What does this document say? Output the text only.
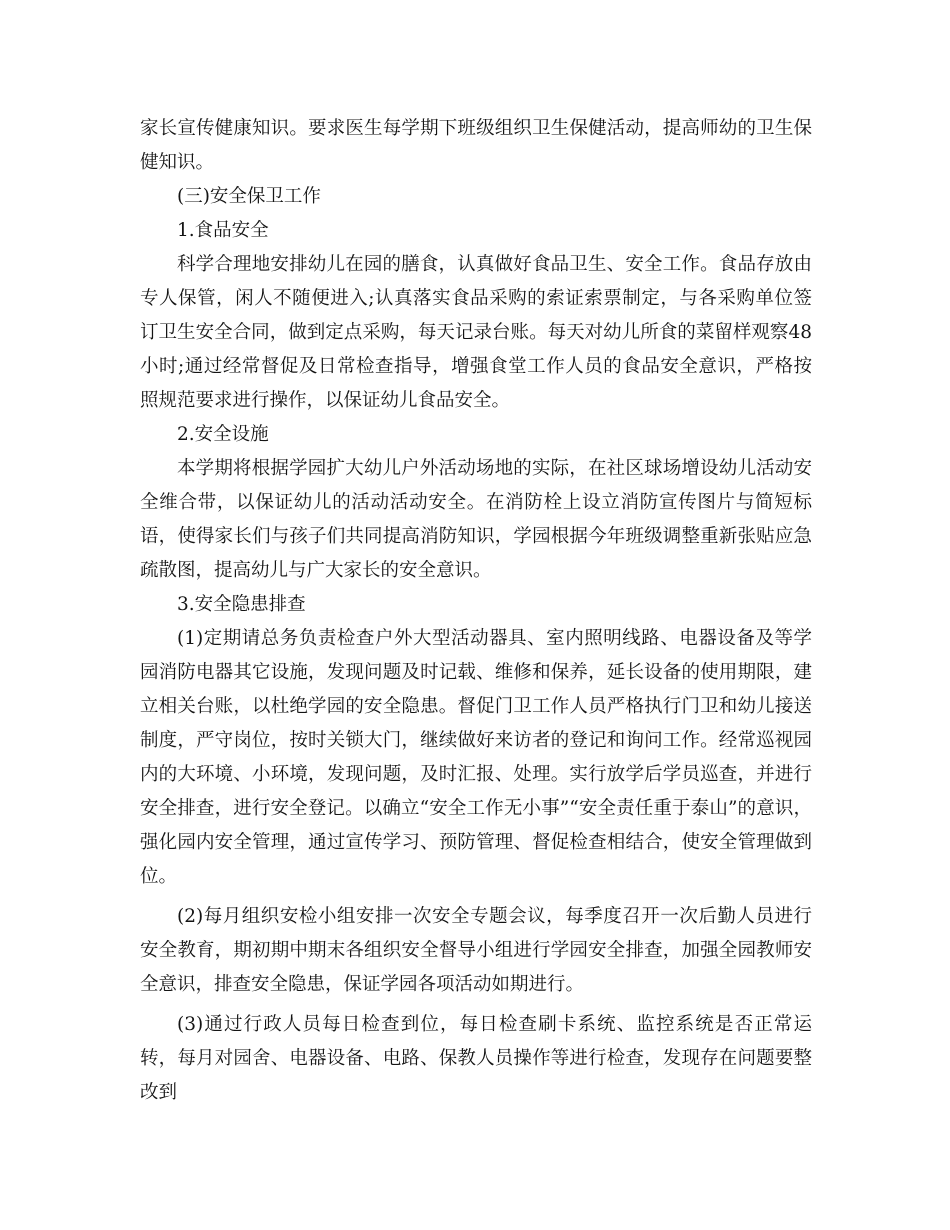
家长宣传健康知识。要求医生每学期下班级组织卫生保健活动，提高师幼的卫生保健知识。
(三)安全保卫工作
1.食品安全
科学合理地安排幼儿在园的膳食，认真做好食品卫生、安全工作。食品存放由专人保管，闲人不随便进入;认真落实食品采购的索证索票制定，与各采购单位签订卫生安全合同，做到定点采购，每天记录台账。每天对幼儿所食的菜留样观察48小时;通过经常督促及日常检查指导，增强食堂工作人员的食品安全意识，严格按照规范要求进行操作，以保证幼儿食品安全。
2.安全设施
本学期将根据学园扩大幼儿户外活动场地的实际，在社区球场增设幼儿活动安全维合带，以保证幼儿的活动活动安全。在消防栓上设立消防宣传图片与简短标语，使得家长们与孩子们共同提高消防知识，学园根据今年班级调整重新张贴应急疏散图，提高幼儿与广大家长的安全意识。
3.安全隐患排查
(1)定期请总务负责检查户外大型活动器具、室内照明线路、电器设备及等学园消防电器其它设施，发现问题及时记载、维修和保养，延长设备的使用期限，建立相关台账，以杜绝学园的安全隐患。督促门卫工作人员严格执行门卫和幼儿接送制度，严守岗位，按时关锁大门，继续做好来访者的登记和询问工作。经常巡视园内的大环境、小环境，发现问题，及时汇报、处理。实行放学后学员巡查，并进行安全排查，进行安全登记。以确立“安全工作无小事”“安全责任重于泰山”的意识，强化园内安全管理，通过宣传学习、预防管理、督促检查相结合，使安全管理做到位。
(2)每月组织安检小组安排一次安全专题会议，每季度召开一次后勤人员进行安全教育，期初期中期末各组织安全督导小组进行学园安全排查，加强全园教师安全意识，排查安全隐患，保证学园各项活动如期进行。
(3)通过行政人员每日检查到位，每日检查刷卡系统、监控系统是否正常运转，每月对园舍、电器设备、电路、保教人员操作等进行检查，发现存在问题要整改到
